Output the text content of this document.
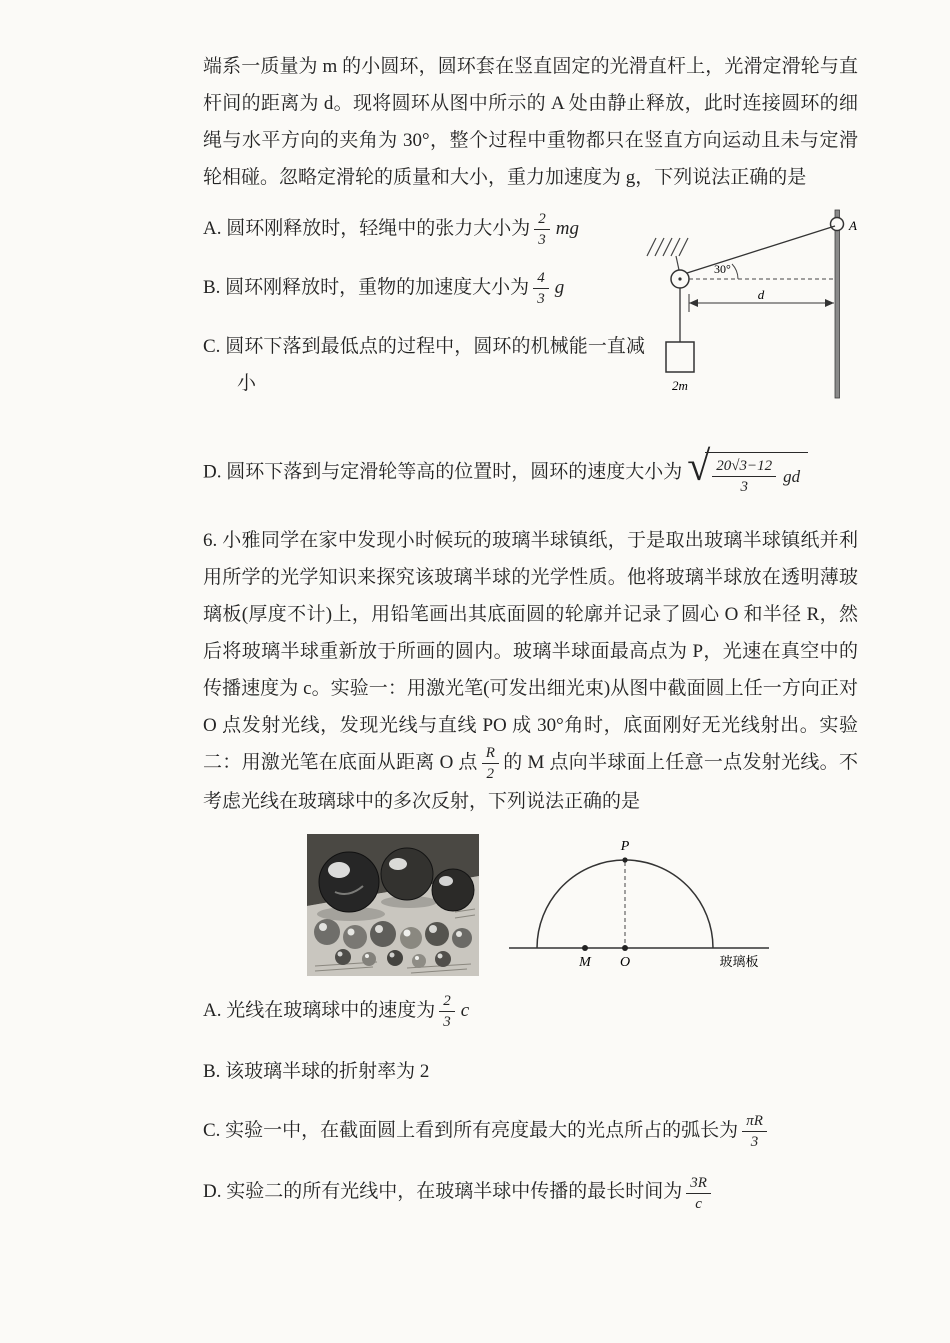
端系一质量为 m 的小圆环，圆环套在竖直固定的光滑直杆上，光滑定滑轮与直杆间的距离为 d。现将圆环从图中所示的 A 处由静止释放，此时连接圆环的细绳与水平方向的夹角为 30°，整个过程中重物都只在竖直方向运动且未与定滑轮相碰。忽略定滑轮的质量和大小，重力加速度为 g，下列说法正确的是

A. 圆环刚释放时，轻绳中的张力大小为 $\frac{2}{3}$ mg
B. 圆环刚释放时，重物的加速度大小为 $\frac{4}{3}$ g
C. 圆环下落到最低点的过程中，圆环的机械能一直减小
A
30°
d
2m
D. 圆环下落到与定滑轮等高的位置时，圆环的速度大小为 √ $\frac{20√3-12}{3}$ gd

6. 小雅同学在家中发现小时候玩的玻璃半球镇纸，于是取出玻璃半球镇纸并利用所学的光学知识来探究该玻璃半球的光学性质。他将玻璃半球放在透明薄玻璃板(厚度不计)上，用铅笔画出其底面圆的轮廓并记录了圆心 O 和半径 R，然后将玻璃半球重新放于所画的圆内。玻璃半球面最高点为 P，光速在真空中的传播速度为 c。实验一：用激光笔(可发出细光束)从图中截面圆上任一方向正对 O 点发射光线，发现光线与直线 PO 成 30°角时，底面刚好无光线射出。实验二：用激光笔在底面从距离 O 点 $\frac{R}{2}$ 的 M 点向半球面上任意一点发射光线。不考虑光线在玻璃球中的多次反射，下列说法正确的是

P
M O	玻璃板
A. 光线在玻璃球中的速度为 $\frac{2}{3}$ c
B. 该玻璃半球的折射率为 2
C. 实验一中，在截面圆上看到所有亮度最大的光点所占的弧长为 $\frac{\pi R}{3}$
D. 实验二的所有光线中，在玻璃半球中传播的最长时间为 $\frac{3R}{c}$
